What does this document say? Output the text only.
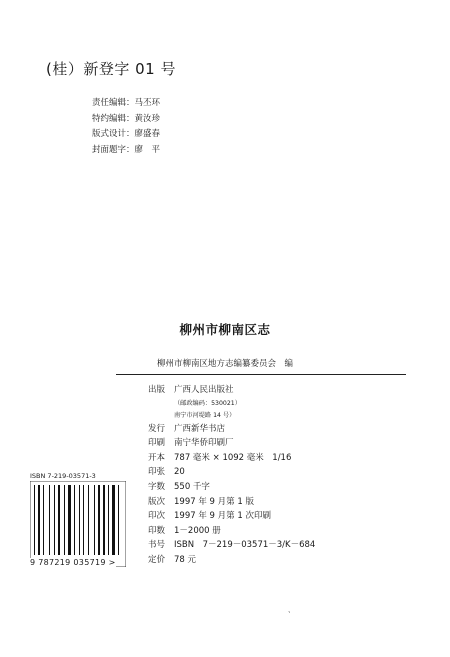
(桂）新登字 01 号
责任编辑：马丕环
特约编辑：黄汝珍
版式设计：廖盛春
封面题字：廖　平
柳州市柳南区志
柳州市柳南区地方志编纂委员会　编
出版 广西人民出版社
（邮政编码：530021）
南宁市河堤路 14 号）
发行 广西新华书店
印刷 南宁华侨印刷厂
开本 787 毫米 × 1092 毫米　1/16
印张 20
字数 550 千字
版次 1997 年 9 月第 1 版
印次 1997 年 9 月第 1 次印刷
印数 1－2000 册
书号 ISBN　7－219－03571－3/K－684
定价 78 元
ISBN 7-219-03571-3
9 787219 035719 >
、
